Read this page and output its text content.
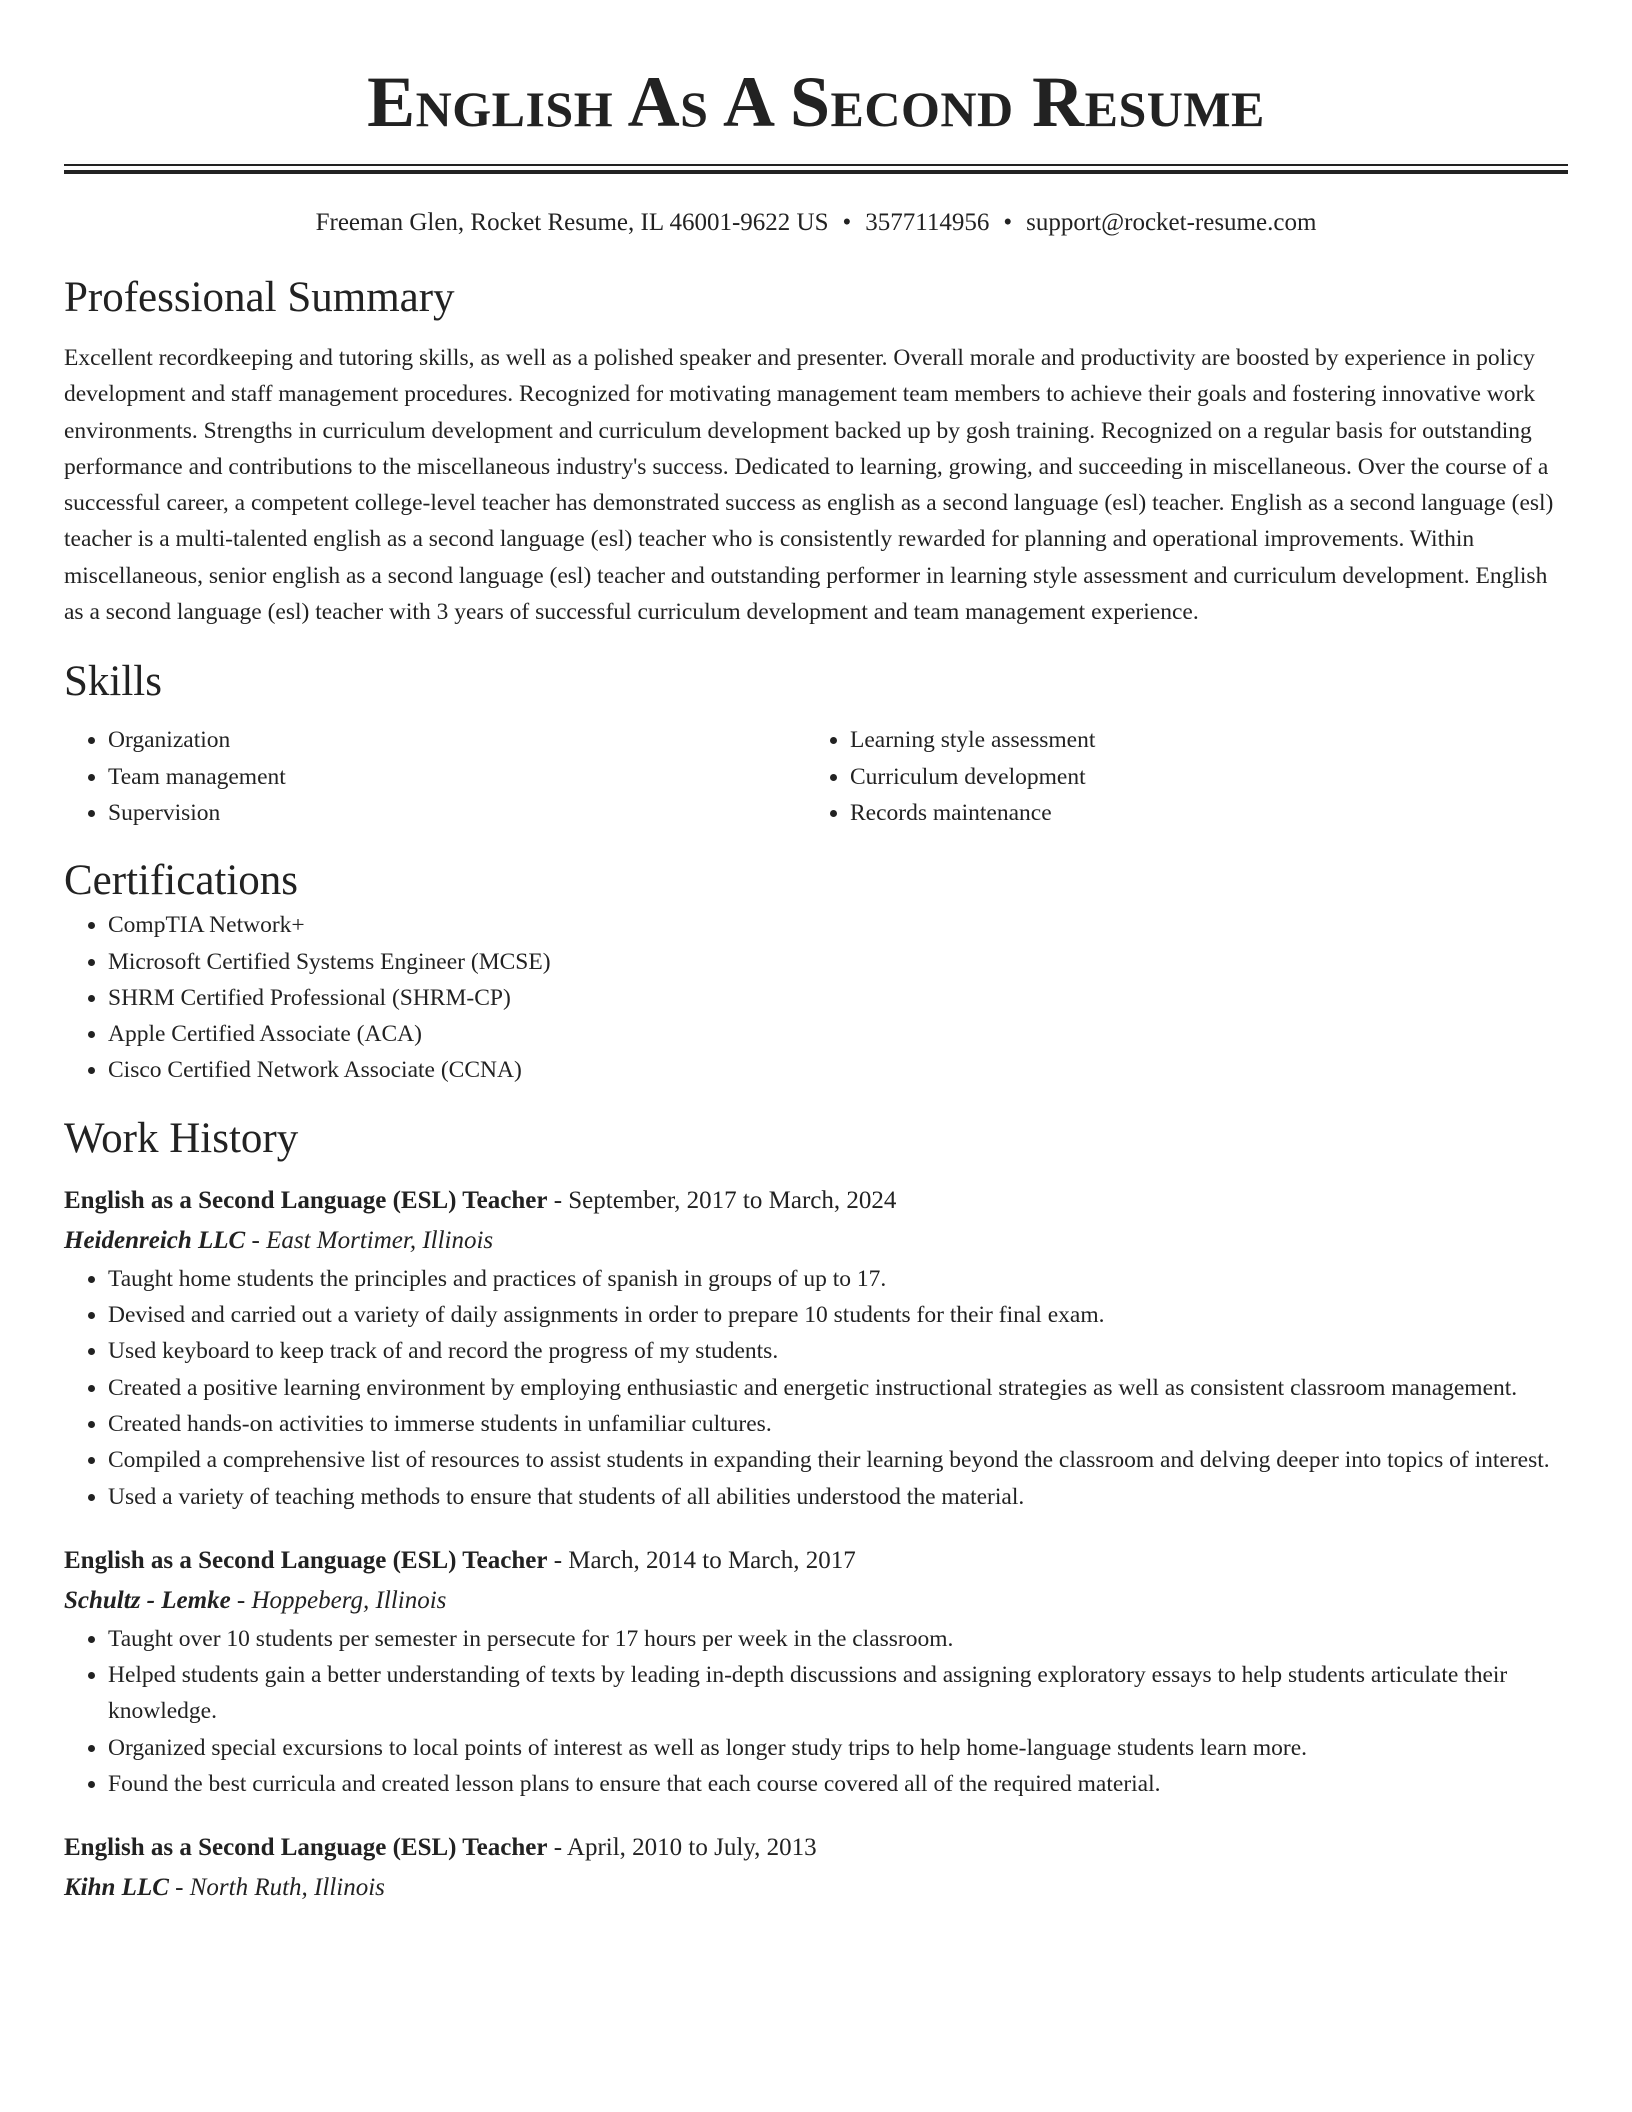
English As A Second Resume
Freeman Glen, Rocket Resume, IL 46001-9622 US • 3577114956 • support@rocket-resume.com
Professional Summary

Excellent recordkeeping and tutoring skills, as well as a polished speaker and presenter. Overall morale and productivity are boosted by experience in policy development and staff management procedures. Recognized for motivating management team members to achieve their goals and fostering innovative work environments. Strengths in curriculum development and curriculum development backed up by gosh training. Recognized on a regular basis for outstanding performance and contributions to the miscellaneous industry's success. Dedicated to learning, growing, and succeeding in miscellaneous. Over the course of a successful career, a competent college-level teacher has demonstrated success as english as a second language (esl) teacher. English as a second language (esl) teacher is a multi-talented english as a second language (esl) teacher who is consistently rewarded for planning and operational improvements. Within miscellaneous, senior english as a second language (esl) teacher and outstanding performer in learning style assessment and curriculum development. English as a second language (esl) teacher with 3 years of successful curriculum development and team management experience.

Skills
• Organization
• Team management
• Supervision
• Learning style assessment
• Curriculum development
• Records maintenance
Certifications
• CompTIA Network+
• Microsoft Certified Systems Engineer (MCSE)
• SHRM Certified Professional (SHRM-CP)
• Apple Certified Associate (ACA)
• Cisco Certified Network Associate (CCNA)
Work History
English as a Second Language (ESL) Teacher - September, 2017 to March, 2024
Heidenreich LLC - East Mortimer, Illinois
• Taught home students the principles and practices of spanish in groups of up to 17.
• Devised and carried out a variety of daily assignments in order to prepare 10 students for their final exam.
• Used keyboard to keep track of and record the progress of my students.
• Created a positive learning environment by employing enthusiastic and energetic instructional strategies as well as consistent classroom management.
• Created hands-on activities to immerse students in unfamiliar cultures.
• Compiled a comprehensive list of resources to assist students in expanding their learning beyond the classroom and delving deeper into topics of interest.
• Used a variety of teaching methods to ensure that students of all abilities understood the material.
English as a Second Language (ESL) Teacher - March, 2014 to March, 2017
Schultz - Lemke - Hoppeberg, Illinois
• Taught over 10 students per semester in persecute for 17 hours per week in the classroom.
• Helped students gain a better understanding of texts by leading in-depth discussions and assigning exploratory essays to help students articulate their knowledge.
• Organized special excursions to local points of interest as well as longer study trips to help home-language students learn more.
• Found the best curricula and created lesson plans to ensure that each course covered all of the required material.
English as a Second Language (ESL) Teacher - April, 2010 to July, 2013
Kihn LLC - North Ruth, Illinois
